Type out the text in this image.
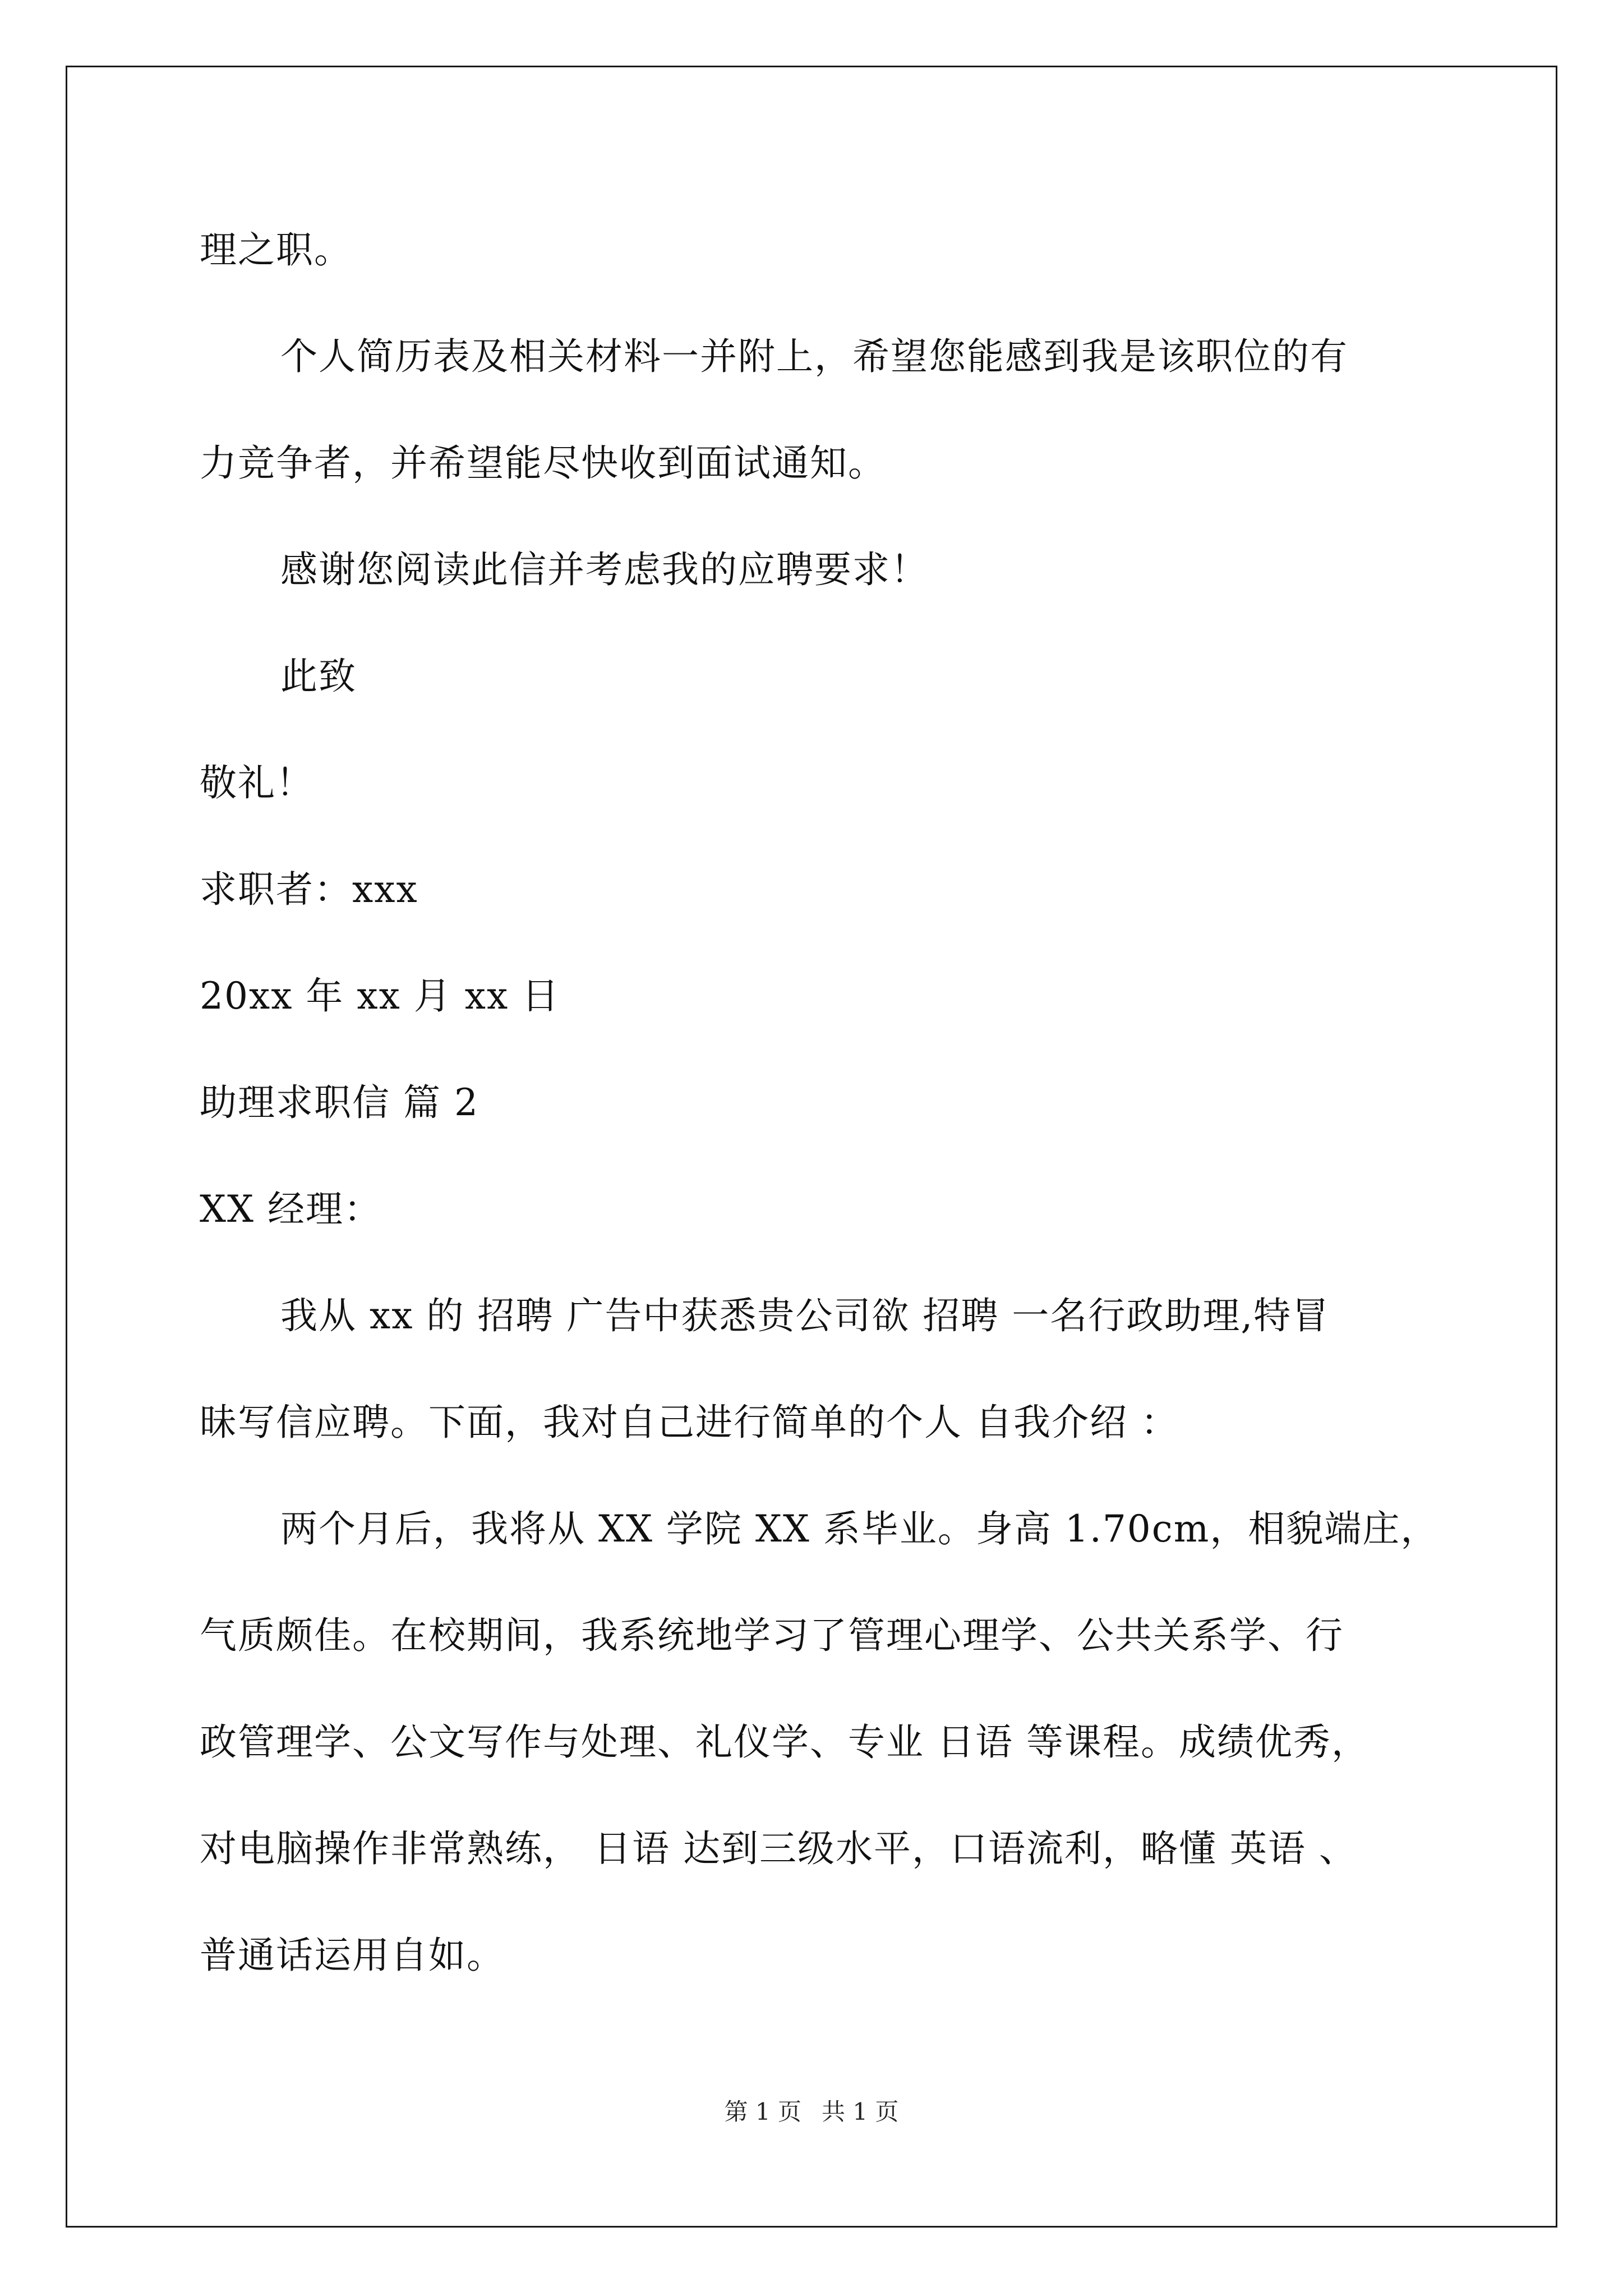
理之职。
个人简历表及相关材料一并附上，希望您能感到我是该职位的有
力竞争者，并希望能尽快收到面试通知。
感谢您阅读此信并考虑我的应聘要求！
此致
敬礼！
求职者：xxx
20xx 年 xx 月 xx 日
助理求职信 篇 2
XX 经理：
我从 xx 的 招聘 广告中获悉贵公司欲 招聘 一名行政助理,特冒
昧写信应聘。下面，我对自己进行简单的个人 自我介绍 ：
两个月后，我将从 XX 学院 XX 系毕业。身高 1.70cm，相貌端庄，
气质颇佳。在校期间，我系统地学习了管理心理学、公共关系学、行
政管理学、公文写作与处理、礼仪学、专业 日语 等课程。成绩优秀，
对电脑操作非常熟练， 日语 达到三级水平，口语流利，略懂 英语 、
普通话运用自如。
第 1 页 共 1 页
